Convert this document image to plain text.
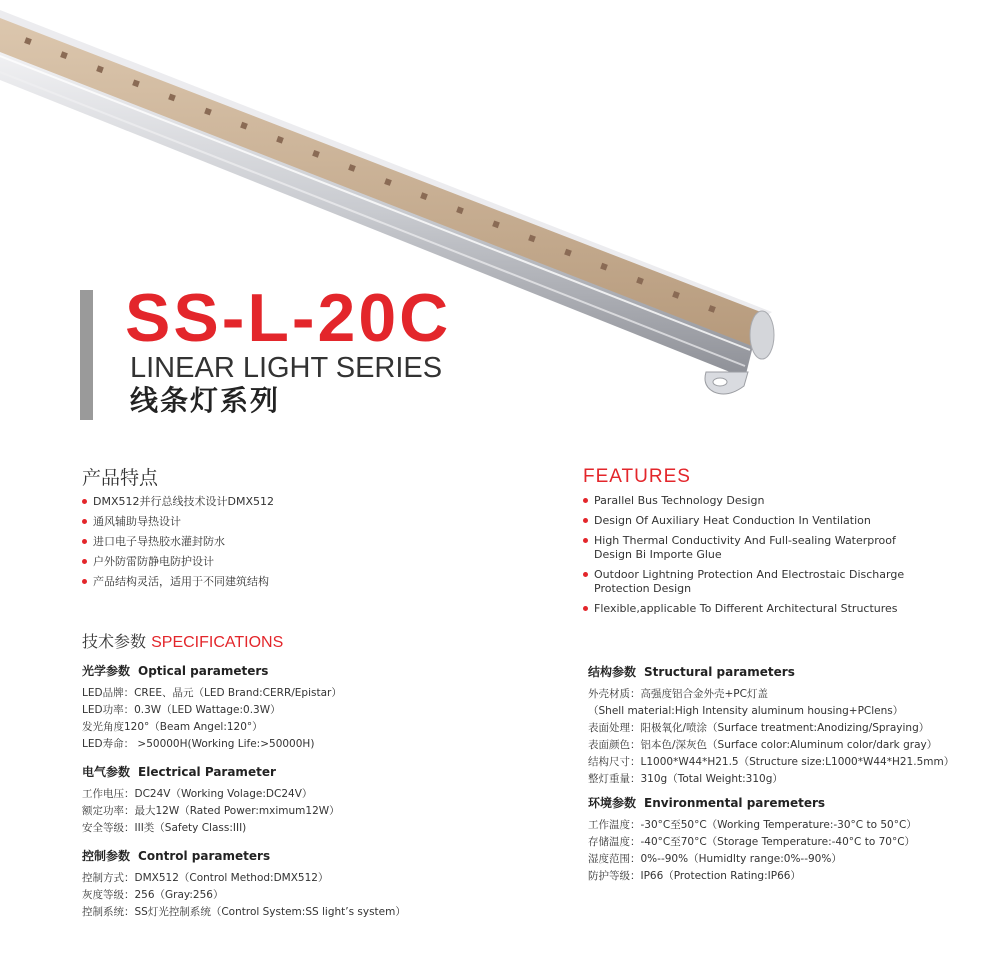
SS-L-20C
LINEAR LIGHT SERIES
线条灯系列
产品特点
DMX512并行总线技术设计DMX512
通风辅助导热设计
进口电子导热胶水灌封防水
户外防雷防静电防护设计
产品结构灵活，适用于不同建筑结构
FEATURES
Parallel Bus Technology Design
Design Of Auxiliary Heat Conduction In Ventilation
High Thermal Conductivity And Full-sealing Waterproof Design Bi Importe Glue
Outdoor Lightning Protection And Electrostaic Discharge Protection Design
Flexible,applicable To Different Architectural Structures
技术参数 SPECIFICATIONS
光学参数 Optical parameters
LED品牌：CREE、晶元（LED Brand:CERR/Epistar）
LED功率：0.3W（LED Wattage:0.3W）
发光角度120°（Beam Angel:120°）
LED寿命： >50000H(Working Life:>50000H)
电气参数 Electrical Parameter
工作电压：DC24V（Working Volage:DC24V）
额定功率：最大12W（Rated Power:mximum12W）
安全等级：III类（Safety Class:III)
控制参数 Control parameters
控制方式：DMX512（Control Method:DMX512）
灰度等级：256（Gray:256）
控制系统：SS灯光控制系统（Control System:SS light’s system）
结构参数 Structural parameters
外壳材质：高强度铝合金外壳+PC灯盖
（Shell material:High Intensity aluminum housing+PClens）
表面处理：阳极氧化/喷涂（Surface treatment:Anodizing/Spraying）
表面颜色：铝本色/深灰色（Surface color:Aluminum color/dark gray）
结构尺寸：L1000*W44*H21.5（Structure size:L1000*W44*H21.5mm）
整灯重量：310g（Total Weight:310g）
环境参数 Environmental paremeters
工作温度：-30°C至50°C（Working Temperature:-30°C to 50°C）
存储温度：-40°C至70°C（Storage Temperature:-40°C to 70°C）
湿度范围：0%--90%（HumidIty range:0%--90%）
防护等级：IP66（Protection Rating:IP66）
